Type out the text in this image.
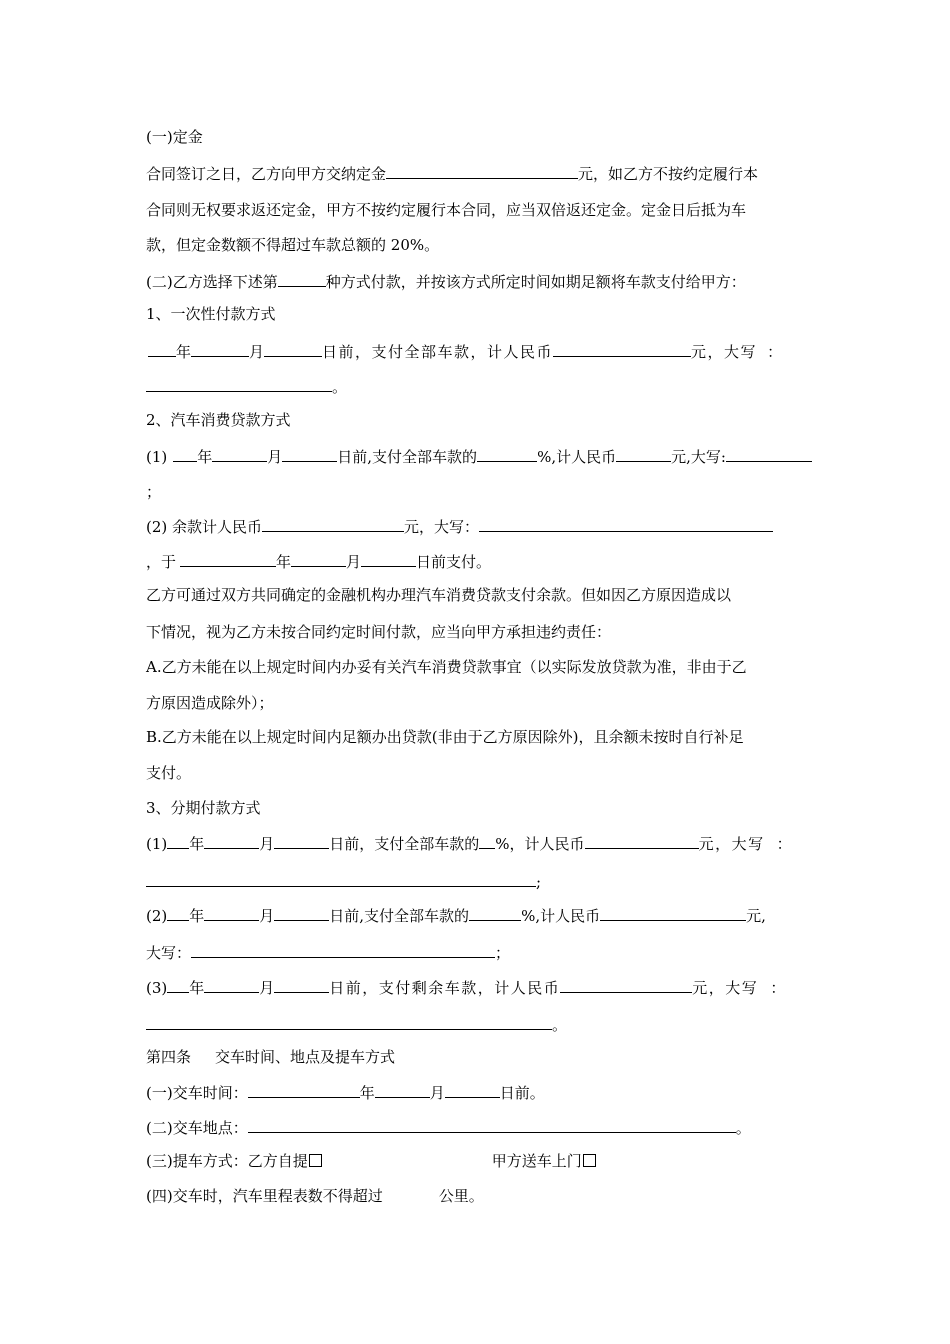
(一)定金
合同签订之日，乙方向甲方交纳定金	元，如乙方不按约定履行本
合同则无权要求返还定金，甲方不按约定履行本合同，应当双倍返还定金。定金日后抵为车
款，但定金数额不得超过车款总额的 20%。
(二)乙方选择下述第	种方式付款，并按该方式所定时间如期足额将车款支付给甲方：
1、一次性付款方式
年	月	日前，支付全部车款，计人民币	元，大写 ：
。
2、汽车消费贷款方式
(1) 年	月	日前,支付全部车款的	%,计人民币	元,大写:
；
(2) 余款计人民币	元，大写：
，于	年	月	日前支付。
乙方可通过双方共同确定的金融机构办理汽车消费贷款支付余款。但如因乙方原因造成以
下情况，视为乙方未按合同约定时间付款，应当向甲方承担违约责任：
A.乙方未能在以上规定时间内办妥有关汽车消费贷款事宜（以实际发放贷款为准，非由于乙
方原因造成除外）；
B.乙方未能在以上规定时间内足额办出贷款(非由于乙方原因除外)，且余额未按时自行补足
支付。
3、分期付款方式
(1) 年	月	日前，支付全部车款的 %，计人民币	元，大写 ：
;
(2) 年	月	日前,支付全部车款的	%,计人民币	元,
大写：	；
(3) 年	月	日前，支付剩余车款，计人民币	元，大写 ：
。
第四条 交车时间、地点及提车方式
(一)交车时间：	年	月	日前。
(二)交车地点：	。
(三)提车方式：乙方自提	甲方送车上门
(四)交车时，汽车里程表数不得超过	公里。
